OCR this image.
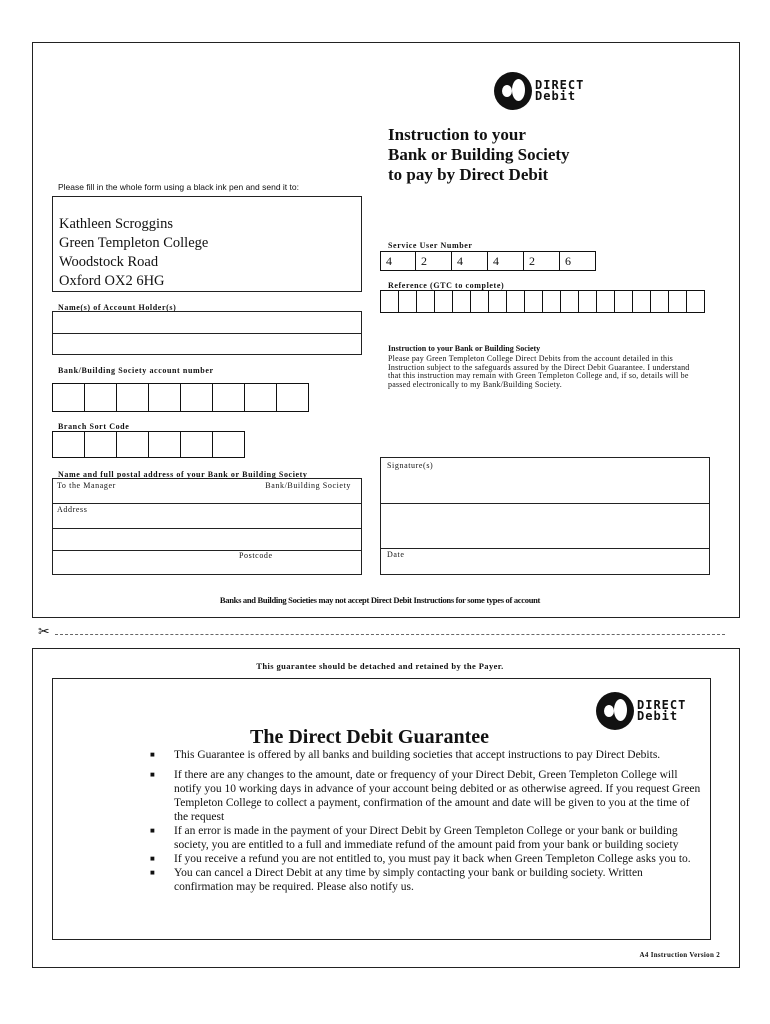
DIRECT
Debit
Instruction to your
Bank or Building Society
to pay by Direct Debit
Please fill in the whole form using a black ink pen and send it to:
Kathleen Scroggins
Green Templeton College
Woodstock Road
Oxford OX2 6HG
Service User Number
4	2	4	4	2	6
Reference (GTC to complete)
Name(s) of Account Holder(s)
Bank/Building Society account number
Branch Sort Code
Name and full postal address of your Bank or Building Society
To the Manager	Bank/Building Society
Address
Postcode
Instruction to your Bank or Building Society
Please pay Green Templeton College Direct Debits from the account detailed in this Instruction subject to the safeguards assured by the Direct Debit Guarantee. I understand that this instruction may remain with Green Templeton College and, if so, details will be passed electronically to my Bank/Building Society.
Signature(s)
Date
Banks and Building Societies may not accept Direct Debit Instructions for some types of account
✂
This guarantee should be detached and retained by the Payer.
DIRECT
Debit
The Direct Debit Guarantee
■ This Guarantee is offered by all banks and building societies that accept instructions to pay Direct Debits.
■ If there are any changes to the amount, date or frequency of your Direct Debit, Green Templeton College will notify you 10 working days in advance of your account being debited or as otherwise agreed. If you request Green Templeton College to collect a payment, confirmation of the amount and date will be given to you at the time of the request
■ If an error is made in the payment of your Direct Debit by Green Templeton College or your bank or building society, you are entitled to a full and immediate refund of the amount paid from your bank or building society
■ If you receive a refund you are not entitled to, you must pay it back when Green Templeton College asks you to.
■ You can cancel a Direct Debit at any time by simply contacting your bank or building society. Written confirmation may be required. Please also notify us.
A4 Instruction Version 2
